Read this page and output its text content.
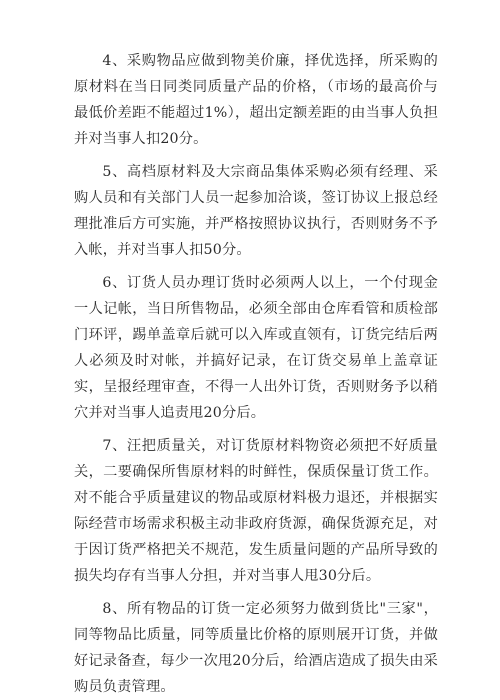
4、采购物品应做到物美价廉，择优选择，所采购的原材料在当日同类同质量产品的价格，（市场的最高价与最低价差距不能超过1%），超出定额差距的由当事人负担并对当事人扣20分。

5、高档原材料及大宗商品集体采购必须有经理、采购人员和有关部门人员一起参加洽谈，签订协议上报总经理批准后方可实施，并严格按照协议执行，否则财务不予入帐，并对当事人扣50分。

6、订货人员办理订货时必须两人以上，一个付现金一人记帐，当日所售物品，必须全部由仓库看管和质检部门环评，踢单盖章后就可以入库或直领有，订货完结后两人必须及时对帐，并搞好记录，在订货交易单上盖章证实，呈报经理审查，不得一人出外订货，否则财务予以稍穴并对当事人追责甩20分后。

7、汪把质量关，对订货原材料物资必须把不好质量关，二要确保所售原材料的时鲜性，保质保量订货工作。对不能合乎质量建议的物品或原材料极力退还，并根据实际经营市场需求积极主动非政府货源，确保货源充足，对于因订货严格把关不规范，发生质量问题的产品所导致的损失均存有当事人分担，并对当事人甩30分后。

8、所有物品的订货一定必须努力做到货比"三家"，同等物品比质量，同等质量比价格的原则展开订货，并做好记录备查，每少一次甩20分后，给酒店造成了损失由采购员负责管理。
